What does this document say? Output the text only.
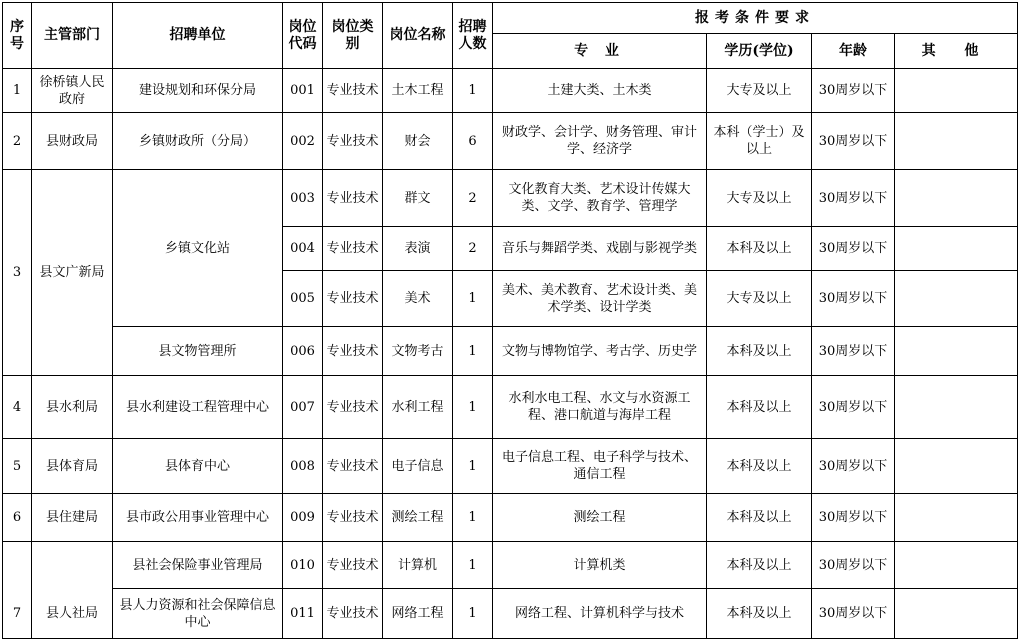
序号	主管部门	招聘单位	岗位代码	岗位类别	岗位名称	招聘人数	报考条件要求			
							专 业	学历(学位)	年龄	其 他
1	徐桥镇人民政府	建设规划和环保分局	001	专业技术	土木工程	1	土建大类、土木类	大专及以上	30周岁以下	
2	县财政局	乡镇财政所（分局）	002	专业技术	财会	6	财政学、会计学、财务管理、审计学、经济学	本科（学士）及以上	30周岁以下	
3	县文广新局	乡镇文化站	003	专业技术	群文	2	文化教育大类、艺术设计传媒大类、文学、教育学、管理学	大专及以上	30周岁以下	
			004	专业技术	表演	2	音乐与舞蹈学类、戏剧与影视学类	本科及以上	30周岁以下	
			005	专业技术	美术	1	美术、美术教育、艺术设计类、美术学类、设计学类	大专及以上	30周岁以下	
		县文物管理所	006	专业技术	文物考古	1	文物与博物馆学、考古学、历史学	本科及以上	30周岁以下	
4	县水利局	县水利建设工程管理中心	007	专业技术	水利工程	1	水利水电工程、水文与水资源工程、港口航道与海岸工程	本科及以上	30周岁以下	
5	县体育局	县体育中心	008	专业技术	电子信息	1	电子信息工程、电子科学与技术、通信工程	本科及以上	30周岁以下	
6	县住建局	县市政公用事业管理中心	009	专业技术	测绘工程	1	测绘工程	本科及以上	30周岁以下	
7	县人社局	县社会保险事业管理局	010	专业技术	计算机	1	计算机类	本科及以上	30周岁以下	
		县人力资源和社会保障信息中心	011	专业技术	网络工程	1	网络工程、计算机科学与技术	本科及以上	30周岁以下	
